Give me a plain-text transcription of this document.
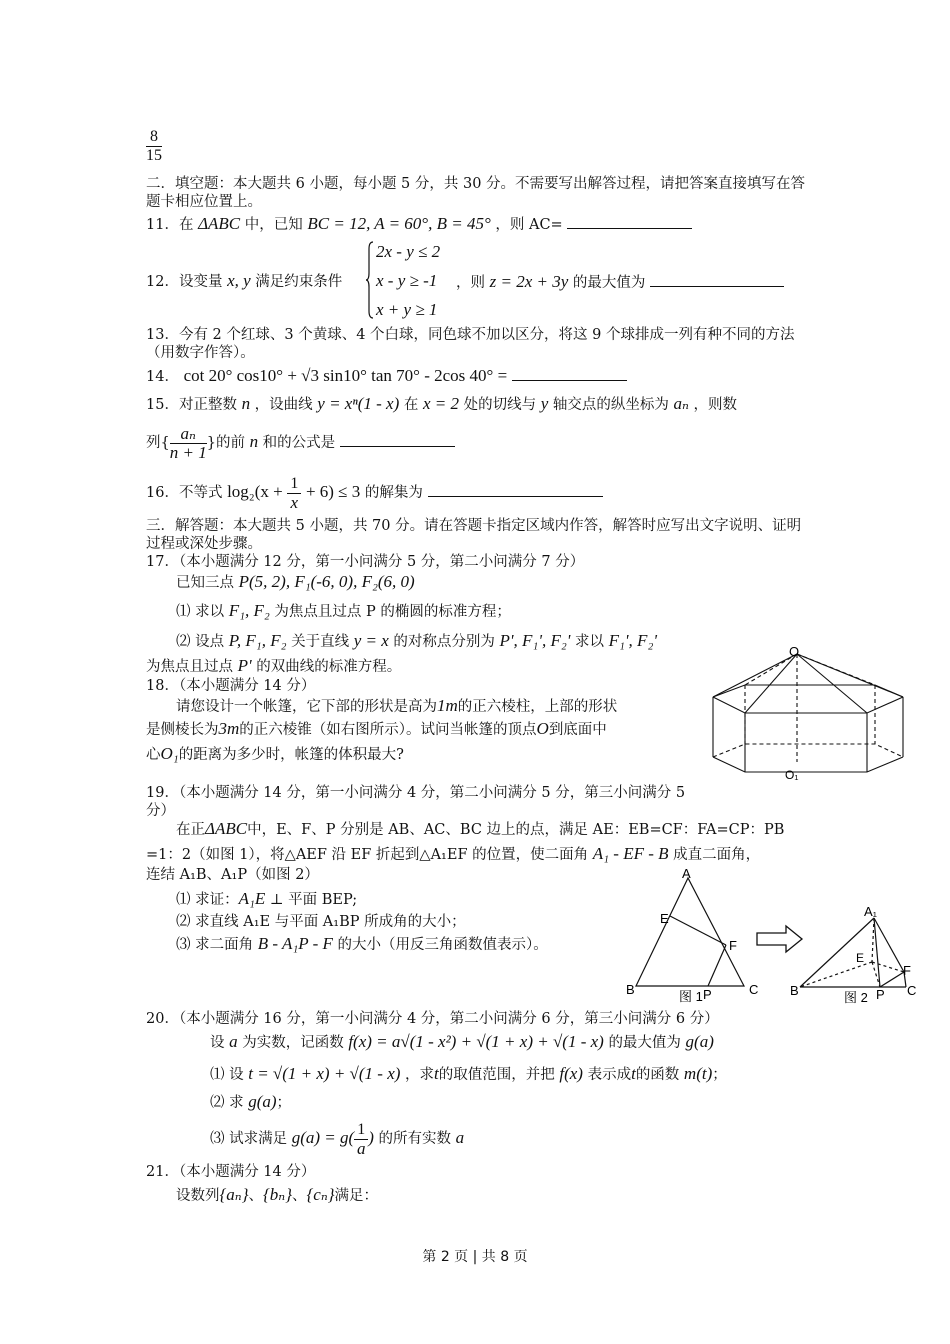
$\frac{8}{15}$
二．填空题：本大题共 6 小题，每小题 5 分，共 30 分。不需要写出解答过程，请把答案直接填写在答题卡相应位置上。
11．在 ΔABC 中，已知 BC = 12, A = 60°, B = 45° ，则 AC=
12．设变量 x, y 满足约束条件
2x - y ≤ 2
x - y ≥ -1
x + y ≥ 1
，则 z = 2x + 3y 的最大值为
13．今有 2 个红球、3 个黄球、4 个白球，同色球不加以区分，将这 9 个球排成一列有种不同的方法（用数字作答）。
14． cot 20° cos10° + √3 sin10° tan 70° - 2cos 40° =
15．对正整数 n ，设曲线 y = xⁿ(1 - x) 在 x = 2 处的切线与 y 轴交点的纵坐标为 aₙ ，则数
列{ $\frac{\text{aₙ}}{n + 1}$ }的前 n 和的公式是
16．不等式 $\log_2(x + \frac{1}{x} + 6) \le 3$ 的解集为
三．解答题：本大题共 5 小题，共 70 分。请在答题卡指定区域内作答，解答时应写出文字说明、证明过程或深处步骤。
17．（本小题满分 12 分，第一小问满分 5 分，第二小问满分 7 分）
已知三点 P(5, 2), F₁(-6, 0), F₂(6, 0)
⑴ 求以 F₁, F₂ 为焦点且过点 P 的椭圆的标准方程；
⑵ 设点 P, F₁, F₂ 关于直线 y = x 的对称点分别为 P', F₁', F₂' 求以 F₁', F₂'
为焦点且过点 P' 的双曲线的标准方程。
18．（本小题满分 14 分）
请您设计一个帐篷，它下部的形状是高为1m的正六棱柱，上部的形状
是侧棱长为3m的正六棱锥（如右图所示）。试问当帐篷的顶点O到底面中
心O₁的距离为多少时，帐篷的体积最大?
O
O₁
19．（本小题满分 14 分，第一小问满分 4 分，第二小问满分 5 分，第三小问满分 5 分）
在正ΔABC中，E、F、P 分别是 AB、AC、BC 边上的点，满足 AE：EB=CF：FA=CP：PB
=1：2（如图 1），将△AEF 沿 EF 折起到△A₁EF 的位置，使二面角 A₁ - EF - B 成直二面角，
连结 A₁B、A₁P（如图 2）
⑴ 求证：A₁E ⊥ 平面 BEP;
⑵ 求直线 A₁E 与平面 A₁BP 所成角的大小；
⑶ 求二面角 B - A₁P - F 的大小（用反三角函数值表示）。
A
E
F
B	P	C
图 1
A₁
E
F
B	P C
图 2
20．（本小题满分 16 分，第一小问满分 4 分，第二小问满分 6 分，第三小问满分 6 分）
设 a 为实数，记函数 f(x) = a√(1 - x²) + √(1 + x) + √(1 - x) 的最大值为 g(a)
⑴ 设 t = √(1 + x) + √(1 - x) ，求t的取值范围，并把 f(x) 表示成t的函数 m(t)；
⑵ 求 g(a)；
⑶ 试求满足 $g(a) = g( \frac{1}{a}$ ) 的所有实数 a
21．（本小题满分 14 分）
设数列{aₙ}、{bₙ}、{cₙ}满足：
第 2 页 | 共 8 页
